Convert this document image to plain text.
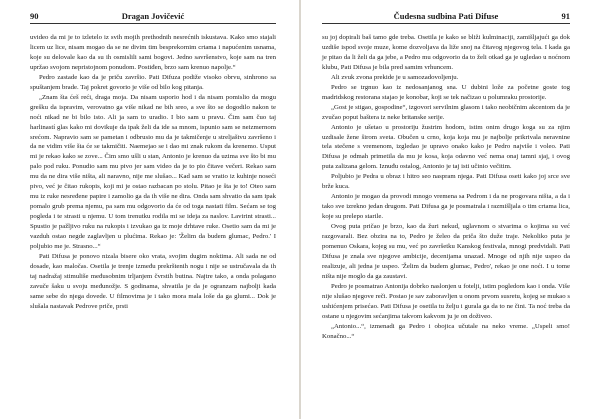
90	Dragan Jovičević

uvideo da mi je to izletelo iz svih mojih prethodnih nesrećnih iskustava. Kako smo stajali licem uz lice, nisam mogao da se ne divim tim besprekornim crtama i napućenim usnama, koje su delovale kao da su ih osmislili sami bogovi. Jedno savršenstvo, koje sam na tren upržao svojom nepristojnom ponudom. Postiđen, brzo sam krenuo napolje.“

Pedro zastade kao da je priču završio. Pati Difuza podiže visoko obrvu, sinhrono sa spuštanjem brade. Taj pokret govorio je više od bilo kog pitanja.

„Znam šta ćeš reći, draga moja. Da nisam usporio hod i da nisam pomislio da mogu grešku da ispravim, verovatno ga više nikad ne bih sreo, a sve što se dogodilo nakon te noći nikad ne bi bilo isto. Ali ja sam to uradio. I bio sam u pravu. Čim sam čuo taj harlinastí glas kako mi dovikuje da ipak želi da ide sa mnom, ispunio sam se neizmernom srećom. Napravio sam se pametan i odbrusio mu da je takmičenje u streljaštvu završeno i da ne vidim više šta će se takmičiti. Naemejao se i dao mi znak rukom da krenemo. Usput mi je rekao kako se zove... Čim smo ušli u stan, Antonio je krenuo da uzima sve što bi mu palo pod ruku. Ponudio sam mu pivo jer sam video da je to pio čitave večeri. Rekao sam mu da ne dira više ništa, ali naravno, nije me slušao... Kad sam se vratio iz kuhinje noseći pivo, već je čitao rukopis, koji mi je ostao razbacan po stolu. Pitao je šta je to! Oteo sam mu iz ruke nesređene papire i zamolio ga da ih više ne dira. Onda sam shvatio da sam ipak pomalo grub prema njemu, pa sam mu odgovorio da će od toga nastati film. Sećam se tog pogleda i te strasti u njemu. U tom trenutku rodila mi se ideja za naslov. Lavirint strasti... Spustio je pažljivo ruku na rukopis i izvukao ga iz moje drhtave ruke. Osetio sam da mi je vazduh ostao negde zaglavljen u plućima. Rekao je: 'Želim da budem glumac, Pedro.' I poljubio me je. Strasno...“

Pati Difusa je ponovo nizala bisere oko vrata, svojim dugim noktima. Ali sada ne od dosade, kao maločas. Osetila je trenje između prekrštenih nogu i nije se ustručavala da ih taj nadražaj stimuliše međusobnim trljanjem čvrstih butina. Najtre tako, a onda polagano zavuče šaku u svoju međunožje. S godinama, shvatila je da je ogranzam najbolji kada same sebe do njega dovede. U filmovima je i tako mora mala loše da ga glumi... Dok je slušala nastavak Pedrove priče, prsti

Čudesna sudbina Pati Difuse	91

su joj dopirali baš tamo gde treba. Osetila je kako se bliži kulminaciji, zamišljajući ga dok uzdiše ispod svoje muze, kome dozvoljava da liže snoj na čitavog njegovog tela. I kada ga je pitao da li želi da ga jebe, a Pedro mu odgovorio da to želi otkad ga je ugledao u noćnom klubu, Pati Difusa je bila pred samim vrhuncem.

Ali zvuk zvona prekide je u samozadovoljenju.

Pedro se trgnuo kao iz nedosanjanog sna. U dubini lože za početne goste tog madridskog restorana stajao je konobar, koji se tek načizao u polumraku prostorije.

„Gost je stigao, gospodine“, izgovori servilnim glasom i tako neobičnim akcentom da je zvučao poput baštera iz neke britanske serije.

Antonio je ušetao u prostoriju žustrim hodom, istim onim drugo koga su za njim uzdisale žene širom sveta. Obučen u crno, koja koja mu je najbolje prikrivala neravnine tela stečene s vremenom, izgledao je upravo onako kako je Pedro najviše i voleo. Pati Difusa je odmah primetila da mu je kosa, koja odavno već nema onaj tamni sjaj, i ovog puta zalizana gelom. Iznuđu ostalog, Antonio je taj isti učinio večitim.

Poljubio je Pedra u obraz i hitro seo naspram njega. Pati Difusa oseti kako joj srce sve brže kuca.

Antonio je mogao da provodi mnogo vremena sa Pedrom i da ne progovara ništa, a da i tako sve izrekno jedan drugom. Pati Difusa ga je posmatrala i razmišljala o tim crtama lica, koje su prelepo starile.

Ovog puta pričao je brzo, kao da žuri nekud, uglavnom o stvarima o kojima su već razgovarali. Bez obzira na to, Pedro je želeo da priča što duže traje. Nekoliko puta je pomenuo Oskara, kojeg su mu, već po završetku Kanskog festivala, mnogi predvidali. Pati Difusa je znala sve njegove ambicije, decenijama unazad. Mnoge od njih nije uspeo da realizuje, ali jedna je uspeo. 'Želim da budem glumac, Pedro', rekao je one noći. I u tome ništa nije moglo da ga zaustavi.

Pedro je posmatrao Antonija dobrko naslonjen u fotelji, istim pogledom kao i onda. Više nije slušao njegove reči. Postao je sav zaboravljen u onom prvom susretu, kojeg se mukao s ushićenjem prisećao. Pati Difusa je osetila tu želju i gurala ga da to ne čini. Ta noć treba da ostane u njegovim sećanjima takvom kakvom ju je on doživeo.

„Antonio...“, izmenadi ga Pedro i obojica učutale na neko vreme. „Uspeli smo! Konačno...“
